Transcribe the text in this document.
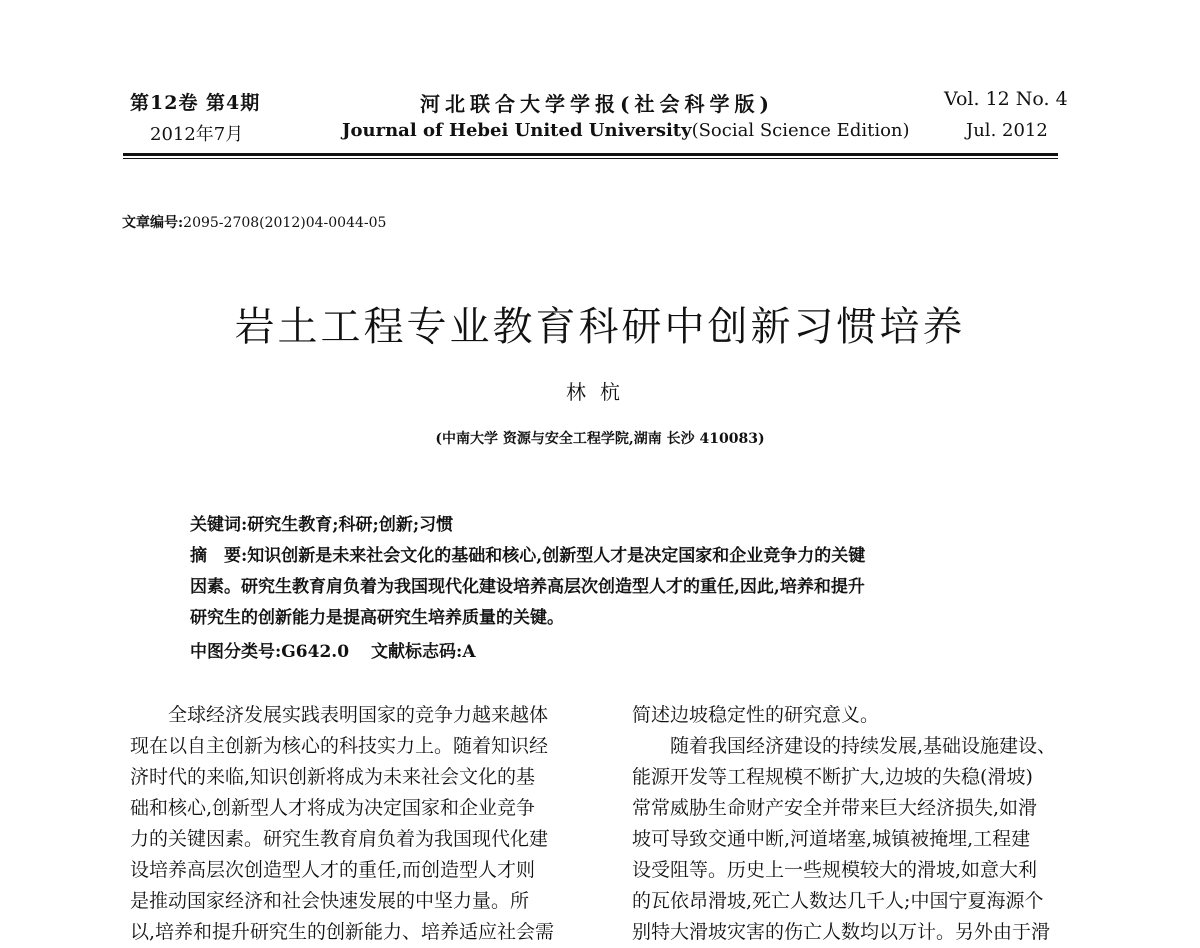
第12卷 第4期
2012年7月
河北联合大学学报(社会科学版)
Journal of Hebei United University(Social Science Edition)
Vol. 12 No. 4
Jul. 2012
文章编号:2095-2708(2012)04-0044-05
岩土工程专业教育科研中创新习惯培养
林杭
(中南大学 资源与安全工程学院,湖南 长沙 410083)
关键词:研究生教育;科研;创新;习惯
摘　要:知识创新是未来社会文化的基础和核心,创新型人才是决定国家和企业竞争力的关键
因素。研究生教育肩负着为我国现代化建设培养高层次创造型人才的重任,因此,培养和提升
研究生的创新能力是提高研究生培养质量的关键。
中图分类号:G642.0 文献标志码:A
全球经济发展实践表明国家的竞争力越来越体
现在以自主创新为核心的科技实力上。随着知识经
济时代的来临,知识创新将成为未来社会文化的基
础和核心,创新型人才将成为决定国家和企业竞争
力的关键因素。研究生教育肩负着为我国现代化建
设培养高层次创造型人才的重任,而创造型人才则
是推动国家经济和社会快速发展的中坚力量。所
以,培养和提升研究生的创新能力、培养适应社会需
简述边坡稳定性的研究意义。
随着我国经济建设的持续发展,基础设施建设、
能源开发等工程规模不断扩大,边坡的失稳(滑坡)
常常威胁生命财产安全并带来巨大经济损失,如滑
坡可导致交通中断,河道堵塞,城镇被掩埋,工程建
设受阻等。历史上一些规模较大的滑坡,如意大利
的瓦依昂滑坡,死亡人数达几千人;中国宁夏海源个
别特大滑坡灾害的伤亡人数均以万计。另外由于滑
